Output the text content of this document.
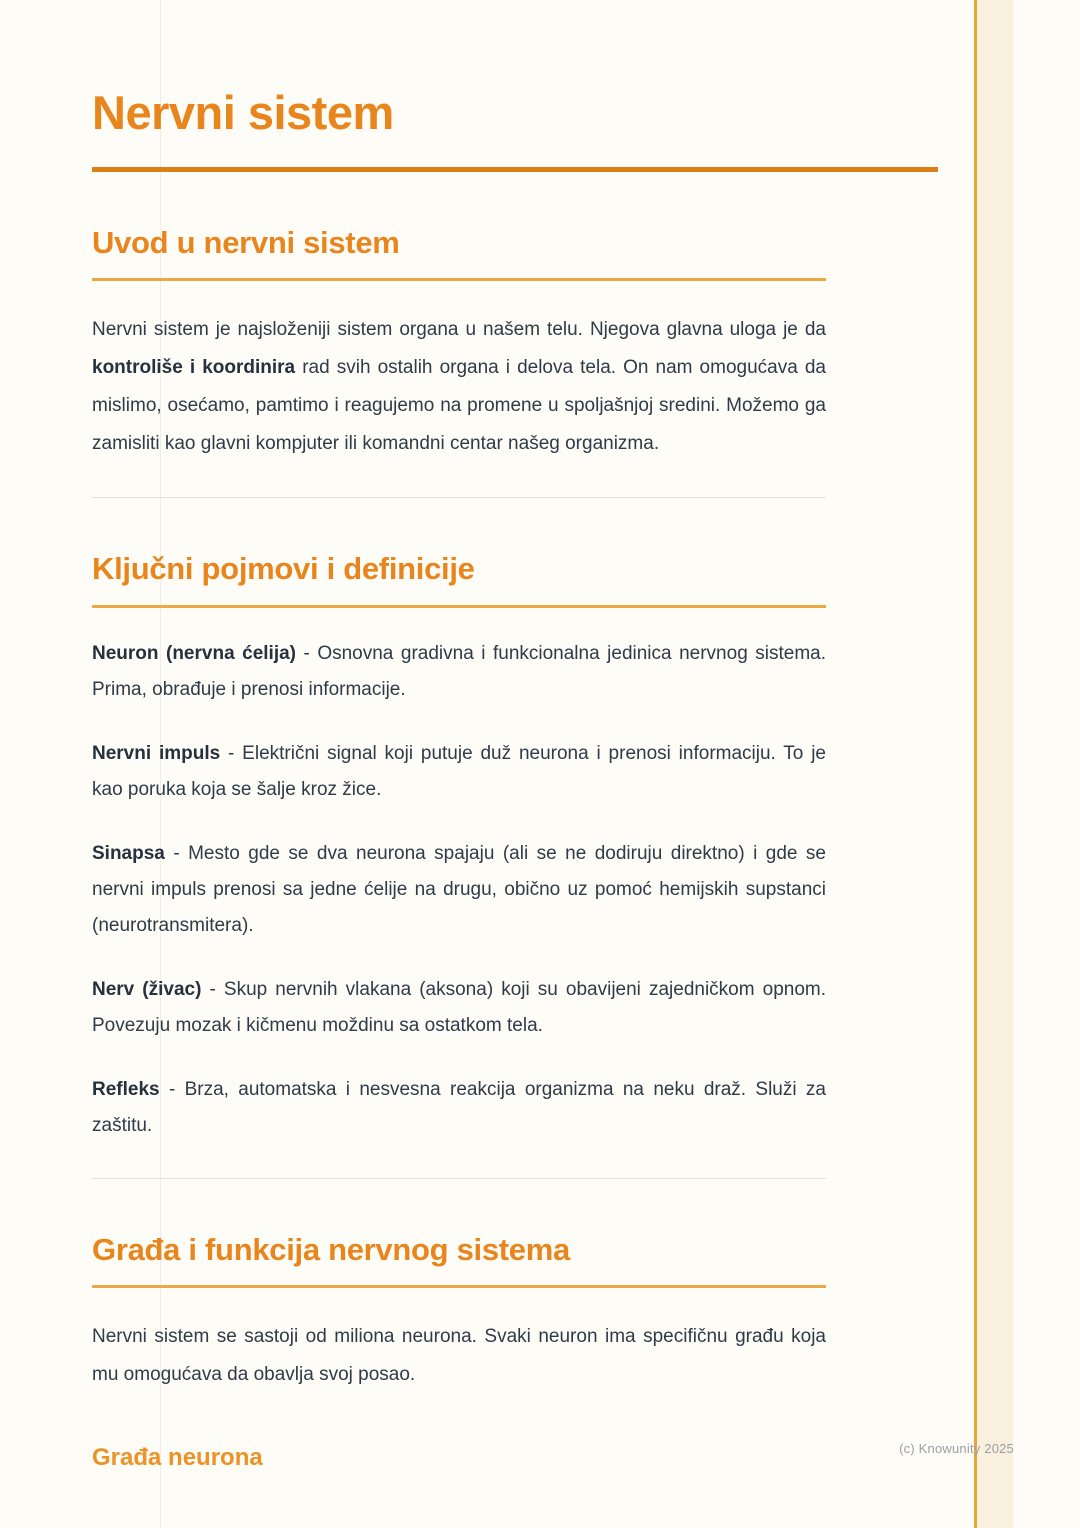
Nervni sistem
Uvod u nervni sistem

Nervni sistem je najsloženiji sistem organa u našem telu. Njegova glavna uloga je da kontroliše i koordinira rad svih ostalih organa i delova tela. On nam omogućava da mislimo, osećamo, pamtimo i reagujemo na promene u spoljašnjoj sredini. Možemo ga zamisliti kao glavni kompjuter ili komandni centar našeg organizma.

Ključni pojmovi i definicije

Neuron (nervna ćelija) - Osnovna gradivna i funkcionalna jedinica nervnog sistema. Prima, obrađuje i prenosi informacije.

Nervni impuls - Električni signal koji putuje duž neurona i prenosi informaciju. To je kao poruka koja se šalje kroz žice.

Sinapsa - Mesto gde se dva neurona spajaju (ali se ne dodiruju direktno) i gde se nervni impuls prenosi sa jedne ćelije na drugu, obično uz pomoć hemijskih supstanci (neurotransmitera).

Nerv (živac) - Skup nervnih vlakana (aksona) koji su obavijeni zajedničkom opnom. Povezuju mozak i kičmenu moždinu sa ostatkom tela.

Refleks - Brza, automatska i nesvesna reakcija organizma na neku draž. Služi za zaštitu.

Građa i funkcija nervnog sistema

Nervni sistem se sastoji od miliona neurona. Svaki neuron ima specifičnu građu koja mu omogućava da obavlja svoj posao.

Građa neurona	(c) Knowunity 2025
